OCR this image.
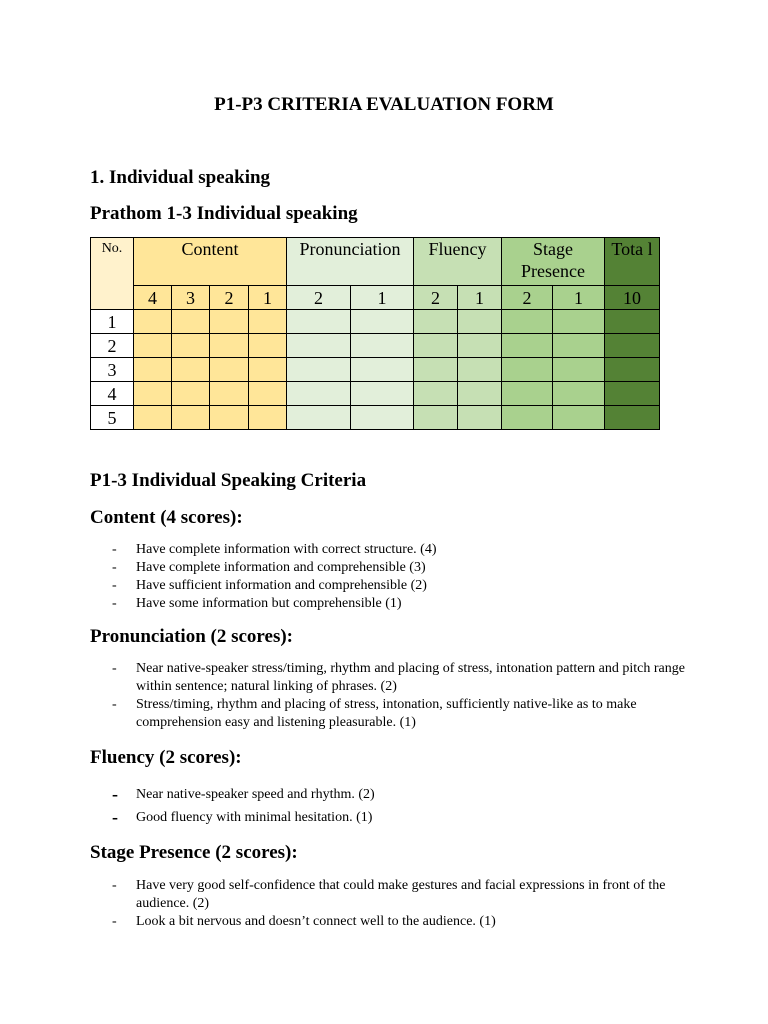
P1-P3 CRITERIA EVALUATION FORM
1. Individual speaking
Prathom 1-3 Individual speaking
No.	Content				Pronunciation		Fluency		Stage Presence		Tota l
	4	3	2	1	2	1	2	1	2	1	10
1											
2											
3											
4											
5											
P1-3 Individual Speaking Criteria
Content (4 scores):
- Have complete information with correct structure. (4)
- Have complete information and comprehensible (3)
- Have sufficient information and comprehensible (2)
- Have some information but comprehensible (1)
Pronunciation (2 scores):
- Near native-speaker stress/timing, rhythm and placing of stress, intonation pattern and pitch range within sentence; natural linking of phrases. (2)
- Stress/timing, rhythm and placing of stress, intonation, sufficiently native-like as to make comprehension easy and listening pleasurable. (1)
Fluency (2 scores):
- Near native-speaker speed and rhythm. (2)
- Good fluency with minimal hesitation. (1)
Stage Presence (2 scores):
- Have very good self-confidence that could make gestures and facial expressions in front of the audience. (2)
- Look a bit nervous and doesn’t connect well to the audience. (1)
